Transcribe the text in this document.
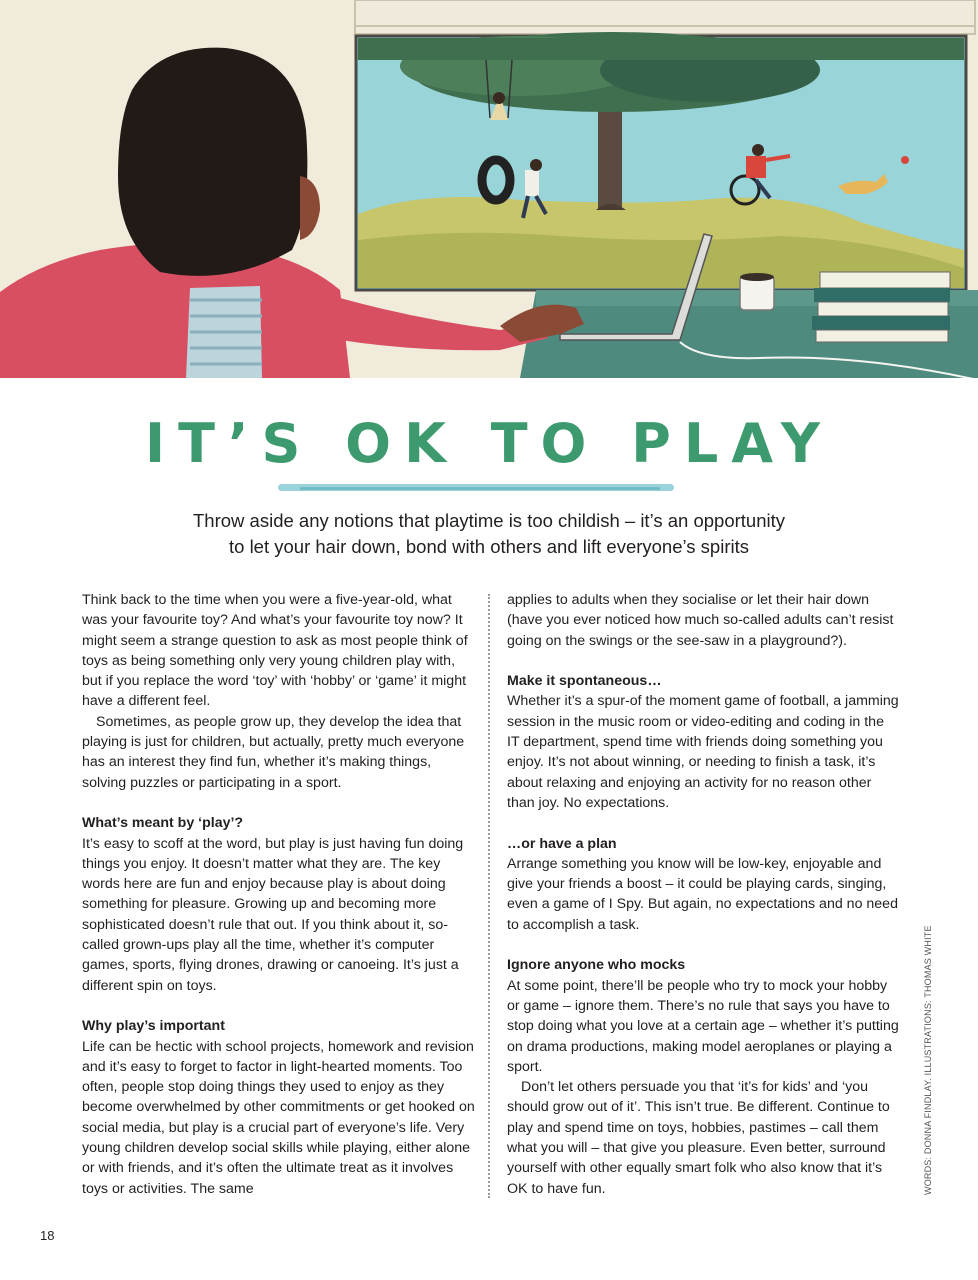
IT’S OK TO PLAY

Throw aside any notions that playtime is too childish – it’s an opportunity
to let your hair down, bond with others and lift everyone’s spirits

Think back to the time when you were a five-year-old, what was your favourite toy? And what’s your favourite toy now? It might seem a strange question to ask as most people think of toys as being something only very young children play with, but if you replace the word ‘toy’ with ‘hobby’ or ‘game’ it might have a different feel.

Sometimes, as people grow up, they develop the idea that playing is just for children, but actually, pretty much everyone has an interest they find fun, whether it’s making things, solving puzzles or participating in a sport.

What’s meant by ‘play’?

It’s easy to scoff at the word, but play is just having fun doing things you enjoy. It doesn’t matter what they are. The key words here are fun and enjoy because play is about doing something for pleasure. Growing up and becoming more sophisticated doesn’t rule that out. If you think about it, so-called grown-ups play all the time, whether it’s computer games, sports, flying drones, drawing or canoeing. It’s just a different spin on toys.

Why play’s important

Life can be hectic with school projects, homework and revision and it’s easy to forget to factor in light-hearted moments. Too often, people stop doing things they used to enjoy as they become overwhelmed by other commitments or get hooked on social media, but play is a crucial part of everyone’s life. Very young children develop social skills while playing, either alone or with friends, and it’s often the ultimate treat as it involves toys or activities. The same

applies to adults when they socialise or let their hair down (have you ever noticed how much so-called adults can’t resist going on the swings or the see-saw in a playground?).

Make it spontaneous…

Whether it’s a spur-of the moment game of football, a jamming session in the music room or video-editing and coding in the IT department, spend time with friends doing something you enjoy. It’s not about winning, or needing to finish a task, it’s about relaxing and enjoying an activity for no reason other than joy. No expectations.

…or have a plan

Arrange something you know will be low-key, enjoyable and give your friends a boost – it could be playing cards, singing, even a game of I Spy. But again, no expectations and no need to accomplish a task.

Ignore anyone who mocks

At some point, there’ll be people who try to mock your hobby or game – ignore them. There’s no rule that says you have to stop doing what you love at a certain age – whether it’s putting on drama productions, making model aeroplanes or playing a sport.

Don’t let others persuade you that ‘it’s for kids’ and ‘you should grow out of it’. This isn’t true. Be different. Continue to play and spend time on toys, hobbies, pastimes – call them what you will – that give you pleasure. Even better, surround yourself with other equally smart folk who also know that it’s OK to have fun.	WORDS: DONNA FINDLAY. ILLUSTRATIONS: THOMAS WHITE
18
